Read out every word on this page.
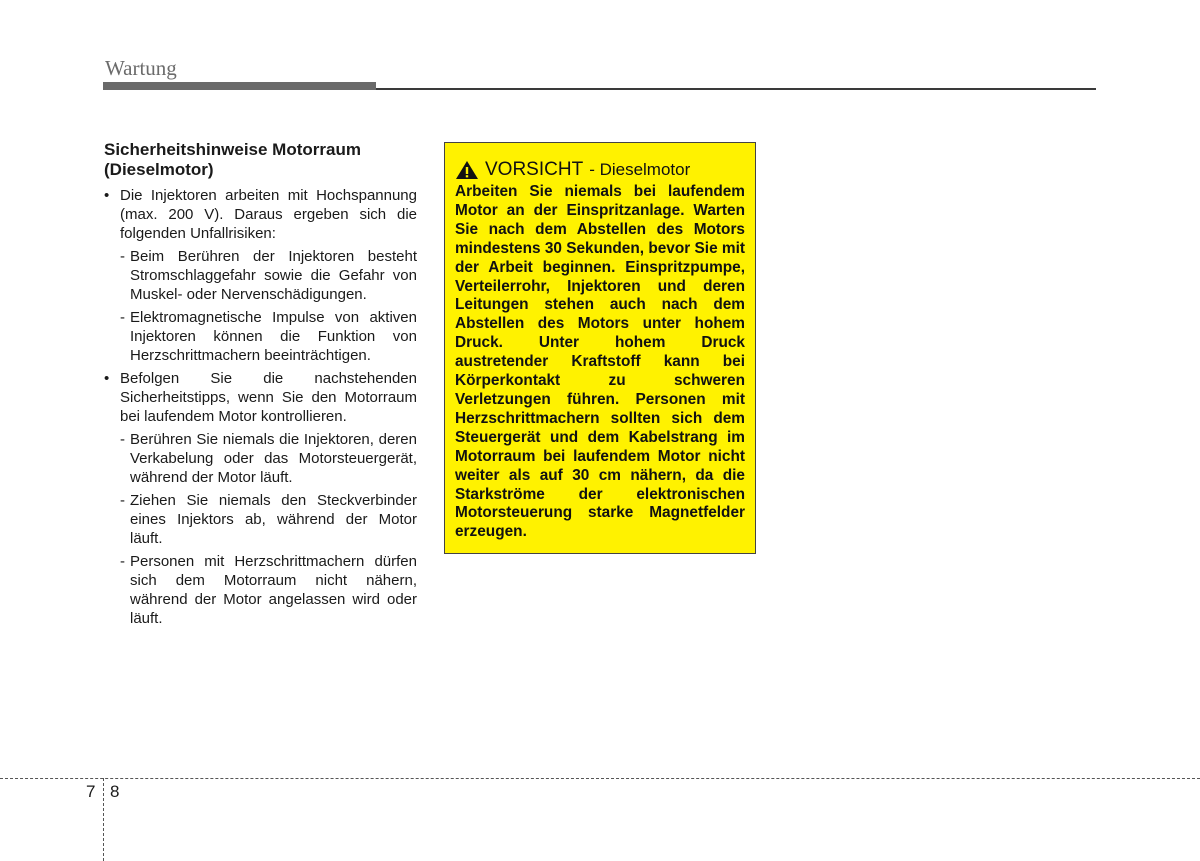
Wartung
Sicherheitshinweise Motorraum (Dieselmotor)
• Die Injektoren arbeiten mit Hochspannung (max. 200 V). Daraus ergeben sich die folgenden Unfallrisiken:

- Beim Berühren der Injektoren besteht Stromschlaggefahr sowie die Gefahr von Muskel- oder Nervenschädigungen.

- Elektromagnetische Impulse von aktiven Injektoren können die Funktion von Herzschrittmachern beeinträchtigen.

• Befolgen Sie die nachstehenden Sicherheitstipps, wenn Sie den Motorraum bei laufendem Motor kontrollieren.

- Berühren Sie niemals die Injektoren, deren Verkabelung oder das Motorsteuergerät, während der Motor läuft.

- Ziehen Sie niemals den Steckverbinder eines Injektors ab, während der Motor läuft.

- Personen mit Herzschrittmachern dürfen sich dem Motorraum nicht nähern, während der Motor angelassen wird oder läuft.

VORSICHT - Dieselmotor

Arbeiten Sie niemals bei laufendem Motor an der Einspritzanlage. Warten Sie nach dem Abstellen des Motors mindestens 30 Sekunden, bevor Sie mit der Arbeit beginnen. Einspritzpumpe, Verteilerrohr, Injektoren und deren Leitungen stehen auch nach dem Abstellen des Motors unter hohem Druck. Unter hohem Druck austretender Kraftstoff kann bei Körperkontakt zu schweren Verletzungen führen. Personen mit Herzschrittmachern sollten sich dem Steuergerät und dem Kabelstrang im Motorraum bei laufendem Motor nicht weiter als auf 30 cm nähern, da die Starkströme der elektronischen Motorsteuerung starke Magnetfelder erzeugen.

7 8
